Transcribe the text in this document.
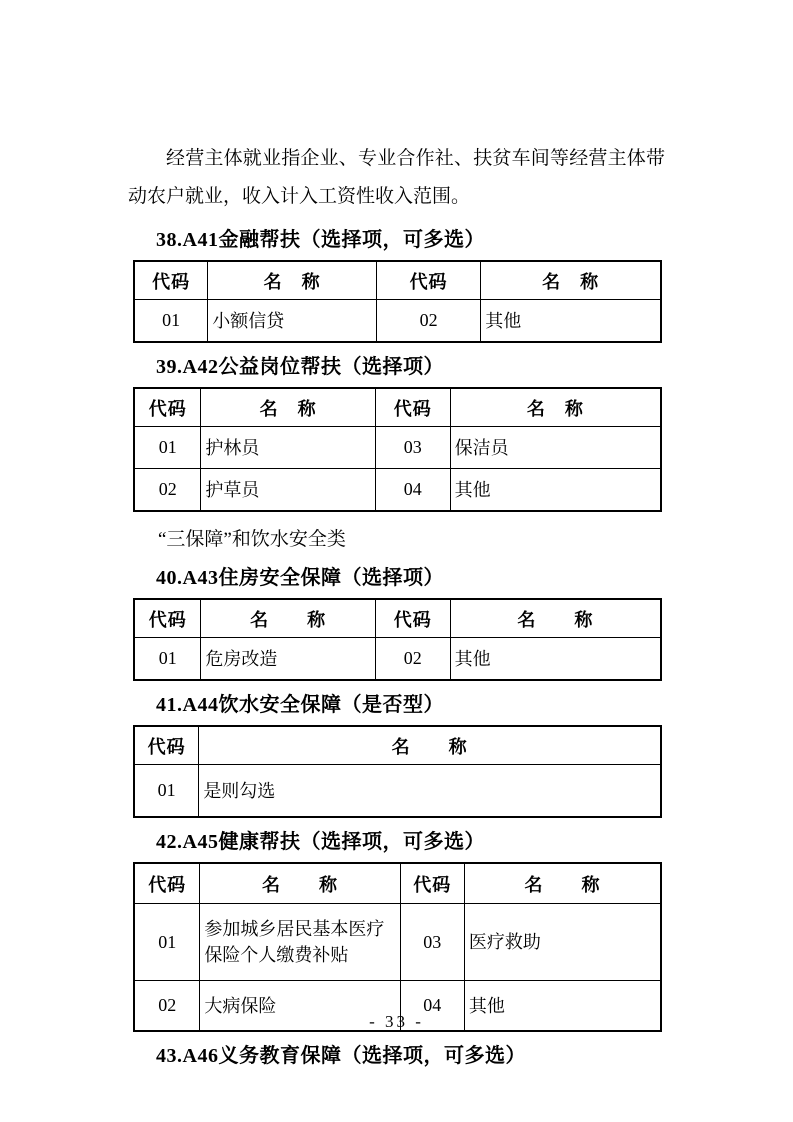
经营主体就业指企业、专业合作社、扶贫车间等经营主体带动农户就业，收入计入工资性收入范围。

38.A41金融帮扶（选择项，可多选）
代码	名　称	代码	名　称
01	小额信贷	02	其他
39.A42公益岗位帮扶（选择项）
代码	名　称	代码	名　称
01	护林员	03	保洁员
02	护草员	04	其他
“三保障”和饮水安全类
40.A43住房安全保障（选择项）
代码	名　　称	代码	名　　称
01	危房改造	02	其他
41.A44饮水安全保障（是否型）
代码	名　　称
01	是则勾选
42.A45健康帮扶（选择项，可多选）
代码	名　　称	代码	名　　称
01	参加城乡居民基本医疗保险个人缴费补贴	03	医疗救助
02	大病保险	04	其他
43.A46义务教育保障（选择项，可多选）
- 33 -
